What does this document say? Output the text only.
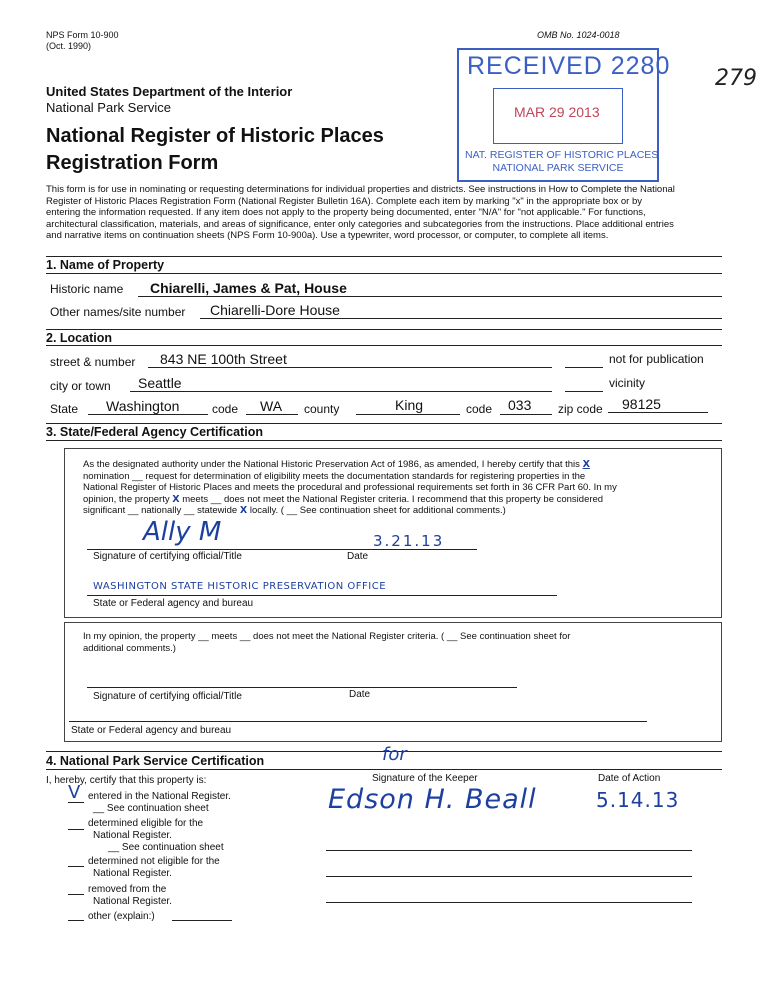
NPS Form 10-900
(Oct. 1990)
OMB No. 1024-0018
279
United States Department of the Interior
National Park Service
National Register of Historic Places
Registration Form
RECEIVED 2280
MAR 29 2013
NAT. REGISTER OF HISTORIC PLACES
NATIONAL PARK SERVICE
This form is for use in nominating or requesting determinations for individual properties and districts. See instructions in How to Complete the National
Register of Historic Places Registration Form (National Register Bulletin 16A). Complete each item by marking "x" in the appropriate box or by
entering the information requested. If any item does not apply to the property being documented, enter "N/A" for "not applicable." For functions,
architectural classification, materials, and areas of significance, enter only categories and subcategories from the instructions. Place additional entries
and narrative items on continuation sheets (NPS Form 10-900a). Use a typewriter, word processor, or computer, to complete all items.
1. Name of Property
Historic name Chiarelli, James & Pat, House
Other names/site number Chiarelli-Dore House
2. Location
street & number 843 NE 100th Street	not for publication
city or town Seattle	vicinity
State Washington	code WA county	King	code 033 zip code 98125
3. State/Federal Agency Certification
As the designated authority under the National Historic Preservation Act of 1986, as amended, I hereby certify that this X
nomination __ request for determination of eligibility meets the documentation standards for registering properties in the
National Register of Historic Places and meets the procedural and professional requirements set forth in 36 CFR Part 60. In my
opinion, the property X meets __ does not meet the National Register criteria. I recommend that this property be considered
significant __ nationally __ statewide X locally. ( __ See continuation sheet for additional comments.)
Ally M	3.21.13
Signature of certifying official/Title	Date
WASHINGTON STATE HISTORIC PRESERVATION OFFICE
State or Federal agency and bureau
In my opinion, the property __ meets __ does not meet the National Register criteria. ( __ See continuation sheet for
additional comments.)
Signature of certifying official/Title	Date
State or Federal agency and bureau
4. National Park Service Certification
I, hereby, certify that this property is:
V entered in the National Register.
__ See continuation sheet
determined eligible for the
National Register.
__ See continuation sheet
determined not eligible for the
National Register.
removed from the
National Register.
other (explain:)
Signature of the Keeper	Date of Action
for
Edson H. Beall	5.14.13
